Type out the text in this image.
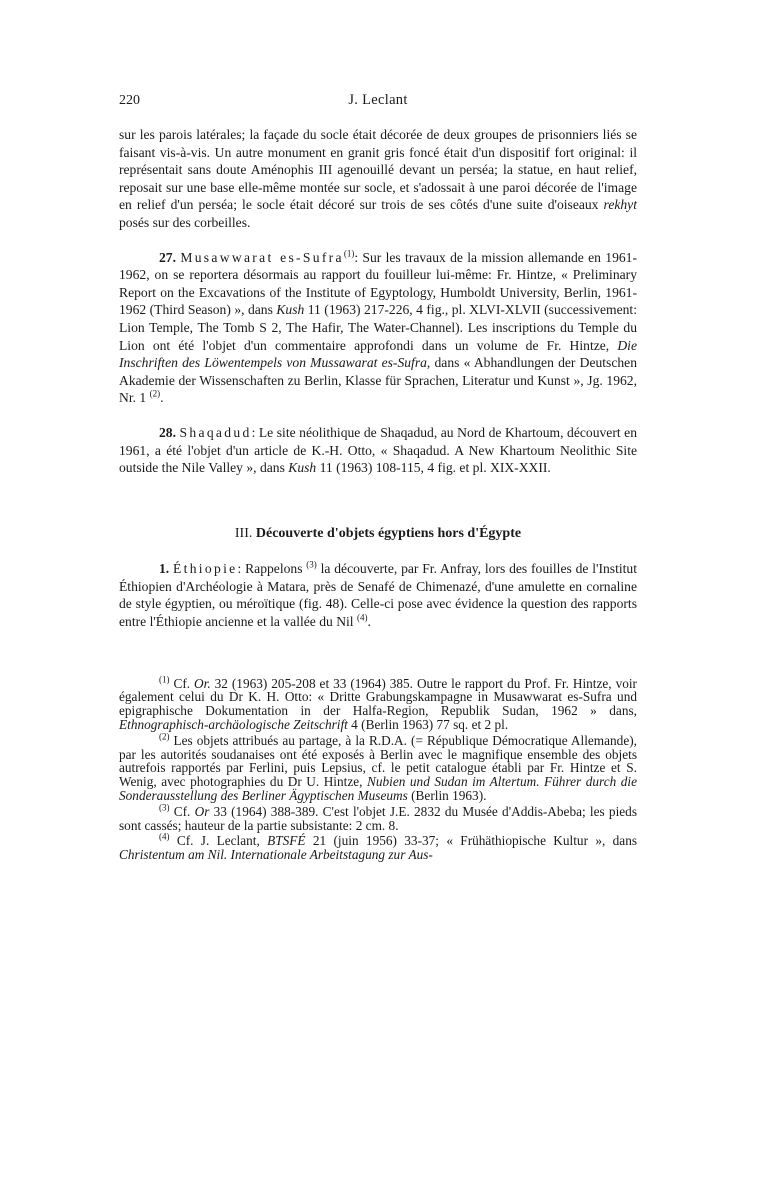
220	J. Leclant

sur les parois latérales; la façade du socle était décorée de deux groupes de prisonniers liés se faisant vis-à-vis. Un autre monument en granit gris foncé était d'un dispositif fort original: il représentait sans doute Aménophis III agenouillé devant un perséa; la statue, en haut relief, reposait sur une base elle-même montée sur socle, et s'adossait à une paroi décorée de l'image en relief d'un perséa; le socle était décoré sur trois de ses côtés d'une suite d'oiseaux rekhyt posés sur des corbeilles.

27. Musawwarat es-Sufra$^{(1)}$: Sur les travaux de la mission allemande en 1961-1962, on se reportera désormais au rapport du fouilleur lui-même: Fr. Hintze, « Preliminary Report on the Excavations of the Institute of Egyptology, Humboldt University, Berlin, 1961-1962 (Third Season) », dans Kush 11 (1963) 217-226, 4 fig., pl. XLVI-XLVII (successivement: Lion Temple, The Tomb S 2, The Hafir, The Water-Channel). Les inscriptions du Temple du Lion ont été l'objet d'un commentaire approfondi dans un volume de Fr. Hintze, Die Inschriften des Löwentempels von Mussawarat es-Sufra, dans « Abhandlungen der Deutschen Akademie der Wissenschaften zu Berlin, Klasse für Sprachen, Literatur und Kunst », Jg. 1962, Nr. 1 $^{(2)}$.

28. Shaqadud: Le site néolithique de Shaqadud, au Nord de Khartoum, découvert en 1961, a été l'objet d'un article de K.-H. Otto, « Shaqadud. A New Khartoum Neolithic Site outside the Nile Valley », dans Kush 11 (1963) 108-115, 4 fig. et pl. XIX-XXII.

III. Découverte d'objets égyptiens hors d'Égypte

1. Éthiopie: Rappelons $^{(3)}$ la découverte, par Fr. Anfray, lors des fouilles de l'Institut Éthiopien d'Archéologie à Matara, près de Senafé de Chimenazé, d'une amulette en cornaline de style égyptien, ou méroïtique (fig. 48). Celle-ci pose avec évidence la question des rapports entre l'Éthiopie ancienne et la vallée du Nil $^{(4)}$.

$^{(1)}$ Cf. Or. 32 (1963) 205-208 et 33 (1964) 385. Outre le rapport du Prof. Fr. Hintze, voir également celui du Dr K. H. Otto: « Dritte Grabungskampagne in Musawwarat es-Sufra und epigraphische Dokumentation in der Halfa-Region, Republik Sudan, 1962 » dans, Ethnographisch-archäologische Zeitschrift 4 (Berlin 1963) 77 sq. et 2 pl.

$^{(2)}$ Les objets attribués au partage, à la R.D.A. (= République Démocratique Allemande), par les autorités soudanaises ont été exposés à Berlin avec le magnifique ensemble des objets autrefois rapportés par Ferlini, puis Lepsius, cf. le petit catalogue établi par Fr. Hintze et S. Wenig, avec photographies du Dr U. Hintze, Nubien und Sudan im Altertum. Führer durch die Sonderausstellung des Berliner Ägyptischen Museums (Berlin 1963).

$^{(3)}$ Cf. Or 33 (1964) 388-389. C'est l'objet J.E. 2832 du Musée d'Addis-Abeba; les pieds sont cassés; hauteur de la partie subsistante: 2 cm. 8.

$^{(4)}$ Cf. J. Leclant, BTSFÉ 21 (juin 1956) 33-37; « Frühäthiopische Kultur », dans Christentum am Nil. Internationale Arbeitstagung zur Aus-
